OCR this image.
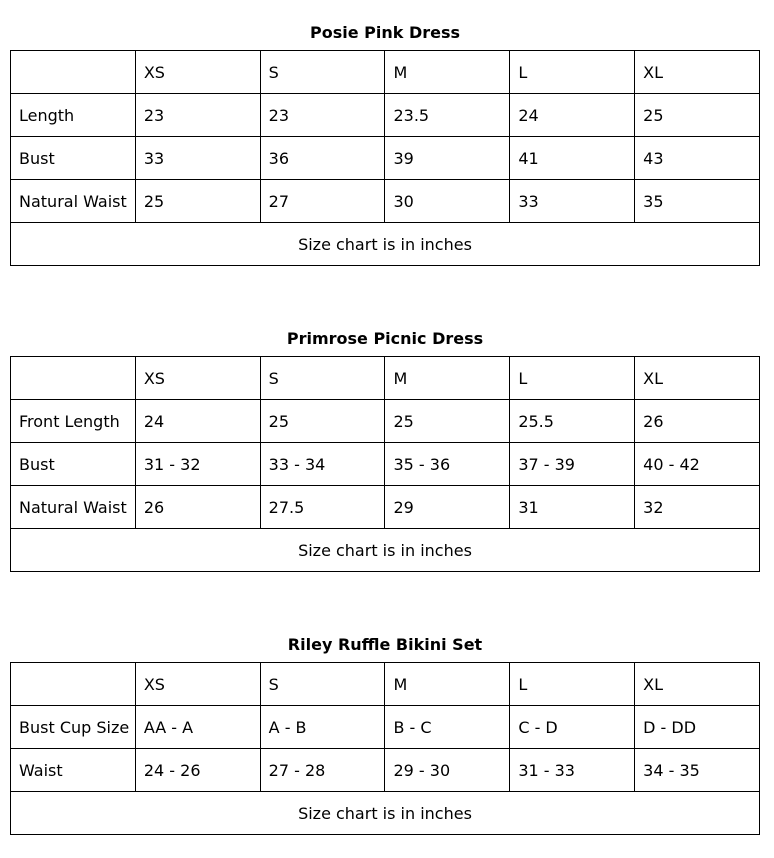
Posie Pink Dress
	XS	S	M	L	XL
Length	23	23	23.5	24	25
Bust	33	36	39	41	43
Natural Waist	25	27	30	33	35
Size chart is in inches					
Primrose Picnic Dress
	XS	S	M	L	XL
Front Length	24	25	25	25.5	26
Bust	31 - 32	33 - 34	35 - 36	37 - 39	40 - 42
Natural Waist	26	27.5	29	31	32
Size chart is in inches					
Riley Ruffle Bikini Set
	XS	S	M	L	XL
Bust Cup Size	AA - A	A - B	B - C	C - D	D - DD
Waist	24 - 26	27 - 28	29 - 30	31 - 33	34 - 35
Size chart is in inches					
